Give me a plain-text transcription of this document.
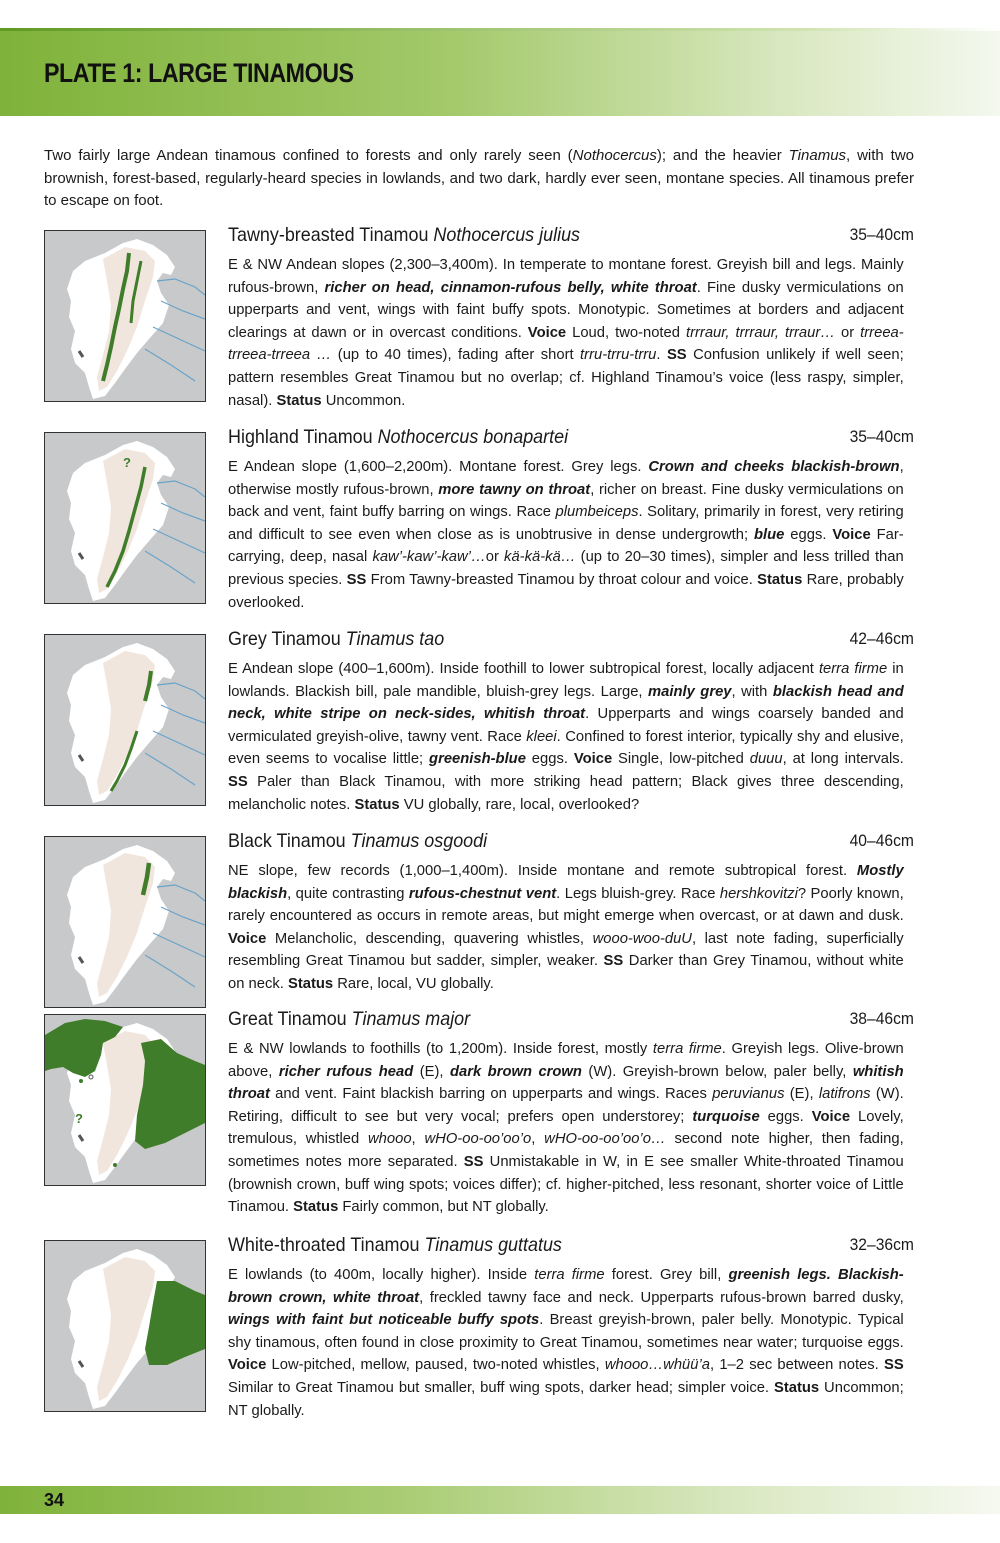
PLATE 1: LARGE TINAMOUS
Two fairly large Andean tinamous confined to forests and only rarely seen (Nothocercus); and the heavier Tinamus, with two brownish, forest-based, regularly-heard species in lowlands, and two dark, hardly ever seen, montane species. All tinamous prefer to escape on foot.
Tawny-breasted Tinamou Nothocercus julius	35–40cm
E & NW Andean slopes (2,300–3,400m). In temperate to montane forest. Greyish bill and legs. Mainly rufous-brown, richer on head, cinnamon-rufous belly, white throat. Fine dusky vermiculations on upperparts and vent, wings with faint buffy spots. Monotypic. Sometimes at borders and adjacent clearings at dawn or in overcast conditions. Voice Loud, two-noted trrraur, trrraur, trraur… or trreea-trreea-trreea … (up to 40 times), fading after short trru-trru-trru. SS Confusion unlikely if well seen; pattern resembles Great Tinamou but no overlap; cf. Highland Tinamou’s voice (less raspy, simpler, nasal). Status Uncommon.
?
Highland Tinamou Nothocercus bonapartei	35–40cm
E Andean slope (1,600–2,200m). Montane forest. Grey legs. Crown and cheeks blackish-brown, otherwise mostly rufous-brown, more tawny on throat, richer on breast. Fine dusky vermiculations on back and vent, faint buffy barring on wings. Race plumbeiceps. Solitary, primarily in forest, very retiring and difficult to see even when close as is unobtrusive in dense undergrowth; blue eggs. Voice Far-carrying, deep, nasal kaw’-kaw’-kaw’…or kä-kä-kä… (up to 20–30 times), simpler and less trilled than previous species. SS From Tawny-breasted Tinamou by throat colour and voice. Status Rare, probably overlooked.
Grey Tinamou Tinamus tao	42–46cm
E Andean slope (400–1,600m). Inside foothill to lower subtropical forest, locally adjacent terra firme in lowlands. Blackish bill, pale mandible, bluish-grey legs. Large, mainly grey, with blackish head and neck, white stripe on neck-sides, whitish throat. Upperparts and wings coarsely banded and vermiculated greyish-olive, tawny vent. Race kleei. Confined to forest interior, typically shy and elusive, even seems to vocalise little; greenish-blue eggs. Voice Single, low-pitched duuu, at long intervals. SS Paler than Black Tinamou, with more striking head pattern; Black gives three descending, melancholic notes. Status VU globally, rare, local, overlooked?
Black Tinamou Tinamus osgoodi	40–46cm
NE slope, few records (1,000–1,400m). Inside montane and remote subtropical forest. Mostly blackish, quite contrasting rufous-chestnut vent. Legs bluish-grey. Race hershkovitzi? Poorly known, rarely encountered as occurs in remote areas, but might emerge when overcast, or at dawn and dusk. Voice Melancholic, descending, quavering whistles, wooo-woo-duU, last note fading, superficially resembling Great Tinamou but sadder, simpler, weaker. SS Darker than Grey Tinamou, without white on neck. Status Rare, local, VU globally.
?
Great Tinamou Tinamus major	38–46cm
E & NW lowlands to foothills (to 1,200m). Inside forest, mostly terra firme. Greyish legs. Olive-brown above, richer rufous head (E), dark brown crown (W). Greyish-brown below, paler belly, whitish throat and vent. Faint blackish barring on upperparts and wings. Races peruvianus (E), latifrons (W). Retiring, difficult to see but very vocal; prefers open understorey; turquoise eggs. Voice Lovely, tremulous, whistled whooo, wHO-oo-oo’oo’o, wHO-oo-oo’oo’o… second note higher, then fading, sometimes notes more separated. SS Unmistakable in W, in E see smaller White-throated Tinamou (brownish crown, buff wing spots; voices differ); cf. higher-pitched, less resonant, shorter voice of Little Tinamou. Status Fairly common, but NT globally.
White-throated Tinamou Tinamus guttatus	32–36cm
E lowlands (to 400m, locally higher). Inside terra firme forest. Grey bill, greenish legs. Blackish-brown crown, white throat, freckled tawny face and neck. Upperparts rufous-brown barred dusky, wings with faint but noticeable buffy spots. Breast greyish-brown, paler belly. Monotypic. Typical shy tinamous, often found in close proximity to Great Tinamou, sometimes near water; turquoise eggs. Voice Low-pitched, mellow, paused, two-noted whistles, whooo…whüü’a, 1–2 sec between notes. SS Similar to Great Tinamou but smaller, buff wing spots, darker head; simpler voice. Status Uncommon; NT globally.
34
